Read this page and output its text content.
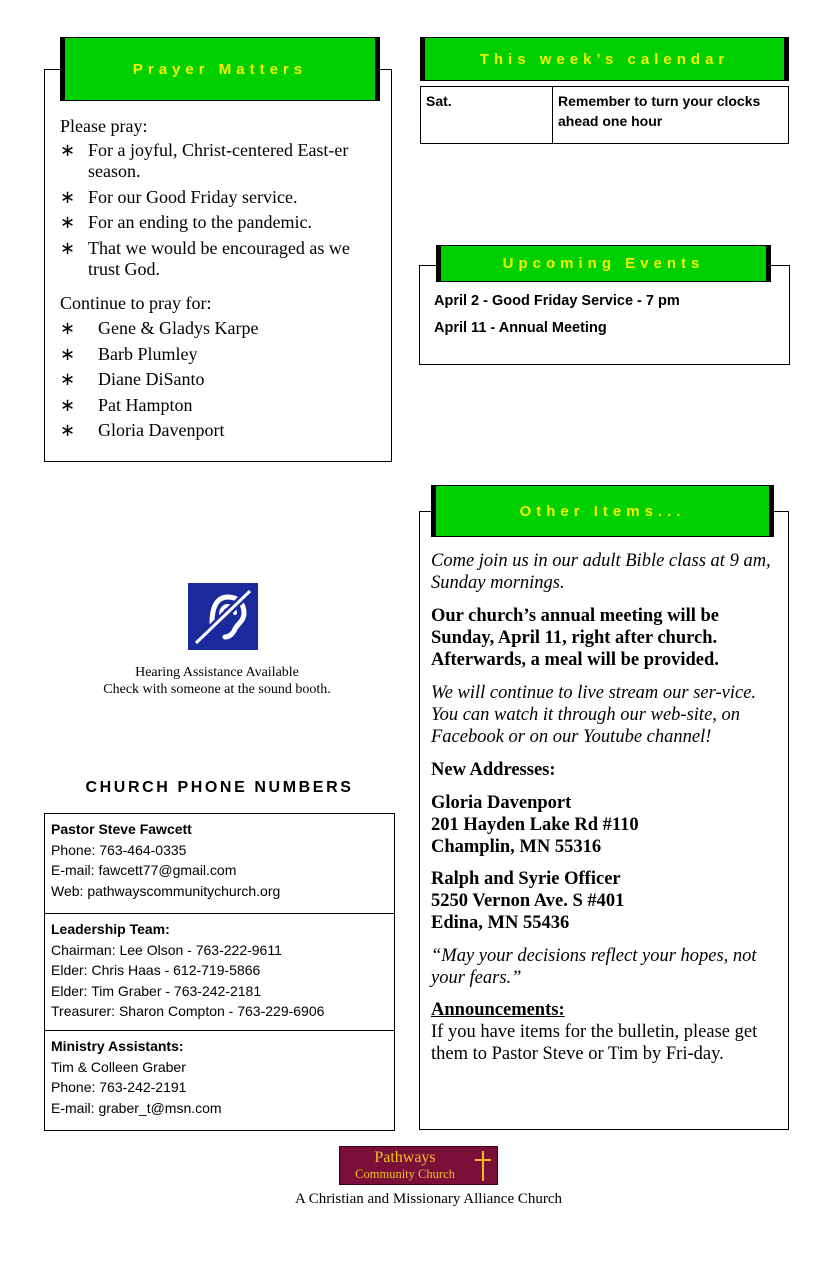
Prayer Matters
Please pray:
∗ For a joyful, Christ-centered East-er season.
∗ For our Good Friday service.
∗ For an ending to the pandemic.
∗ That we would be encouraged as we trust God.
Continue to pray for:
∗ Gene & Gladys Karpe
∗ Barb Plumley
∗ Diane DiSanto
∗ Pat Hampton
∗ Gloria Davenport
This week’s calendar
Sat.	Remember to turn your clocks ahead one hour
Upcoming Events
April 2 - Good Friday Service - 7 pm
April 11 - Annual Meeting
Hearing Assistance Available
Check with someone at the sound booth.
CHURCH PHONE NUMBERS
Pastor Steve Fawcett
Phone: 763-464-0335
E-mail: fawcett77@gmail.com
Web: pathwayscommunitychurch.org
Leadership Team:
Chairman: Lee Olson - 763-222-9611
Elder: Chris Haas - 612-719-5866
Elder: Tim Graber - 763-242-2181
Treasurer: Sharon Compton - 763-229-6906
Ministry Assistants:
Tim & Colleen Graber
Phone: 763-242-2191
E-mail: graber_t@msn.com
Other Items...

Come join us in our adult Bible class at 9 am, Sunday mornings.

Our church’s annual meeting will be Sunday, April 11, right after church. Afterwards, a meal will be provided.

We will continue to live stream our ser-vice. You can watch it through our web-site, on Facebook or on our Youtube channel!

New Addresses:

Gloria Davenport
201 Hayden Lake Rd #110
Champlin, MN 55316
Ralph and Syrie Officer
5250 Vernon Ave. S #401
Edina, MN 55436

“May your decisions reflect your hopes, not your fears.”

Announcements:

If you have items for the bulletin, please get them to Pastor Steve or Tim by Fri-day.

Pathways
Community Church
A Christian and Missionary Alliance Church
